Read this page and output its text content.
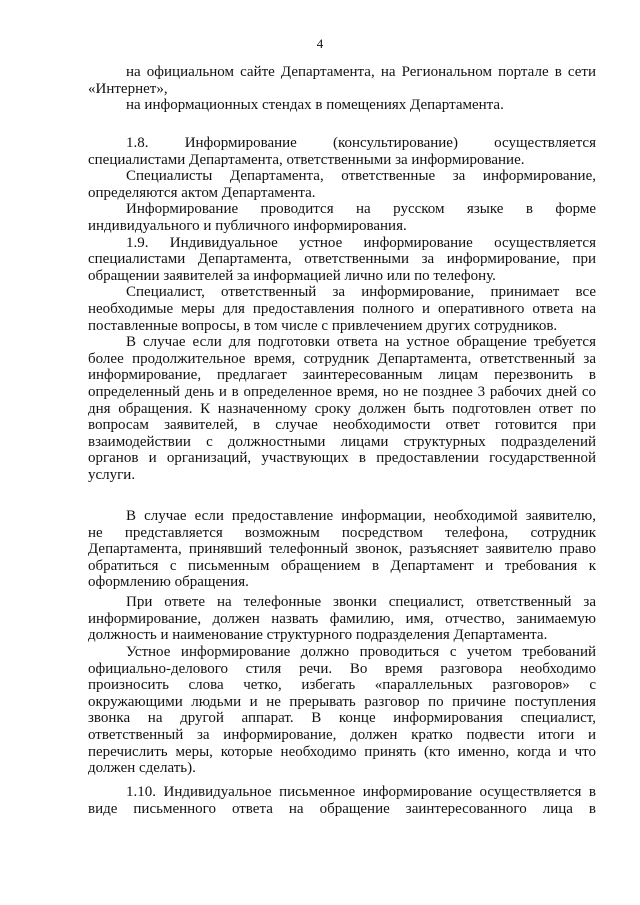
4
на официальном сайте Департамента, на Региональном портале в сети
«Интернет»,
на информационных стендах в помещениях Департамента.
1.8. Информирование (консультирование) осуществляется
специалистами Департамента, ответственными за информирование.
Специалисты Департамента, ответственные за информирование,
определяются актом Департамента.
Информирование проводится на русском языке в форме
индивидуального и публичного информирования.
1.9. Индивидуальное устное информирование осуществляется
специалистами Департамента, ответственными за информирование, при
обращении заявителей за информацией лично или по телефону.
Специалист, ответственный за информирование, принимает все
необходимые меры для предоставления полного и оперативного ответа на
поставленные вопросы, в том числе с привлечением других сотрудников.
В случае если для подготовки ответа на устное обращение требуется
более продолжительное время, сотрудник Департамента, ответственный за
информирование, предлагает заинтересованным лицам перезвонить в
определенный день и в определенное время, но не позднее 3 рабочих дней со
дня обращения. К назначенному сроку должен быть подготовлен ответ по
вопросам заявителей, в случае необходимости ответ готовится при
взаимодействии с должностными лицами структурных подразделений
органов и организаций, участвующих в предоставлении государственной
услуги.
В случае если предоставление информации, необходимой заявителю,
не представляется возможным посредством телефона, сотрудник
Департамента, принявший телефонный звонок, разъясняет заявителю право
обратиться с письменным обращением в Департамент и требования к
оформлению обращения.
При ответе на телефонные звонки специалист, ответственный за
информирование, должен назвать фамилию, имя, отчество, занимаемую
должность и наименование структурного подразделения Департамента.
Устное информирование должно проводиться с учетом требований
официально-делового стиля речи. Во время разговора необходимо
произносить слова четко, избегать «параллельных разговоров» с
окружающими людьми и не прерывать разговор по причине поступления
звонка на другой аппарат. В конце информирования специалист,
ответственный за информирование, должен кратко подвести итоги и
перечислить меры, которые необходимо принять (кто именно, когда и что
должен сделать).
1.10. Индивидуальное письменное информирование осуществляется в
виде письменного ответа на обращение заинтересованного лица в
